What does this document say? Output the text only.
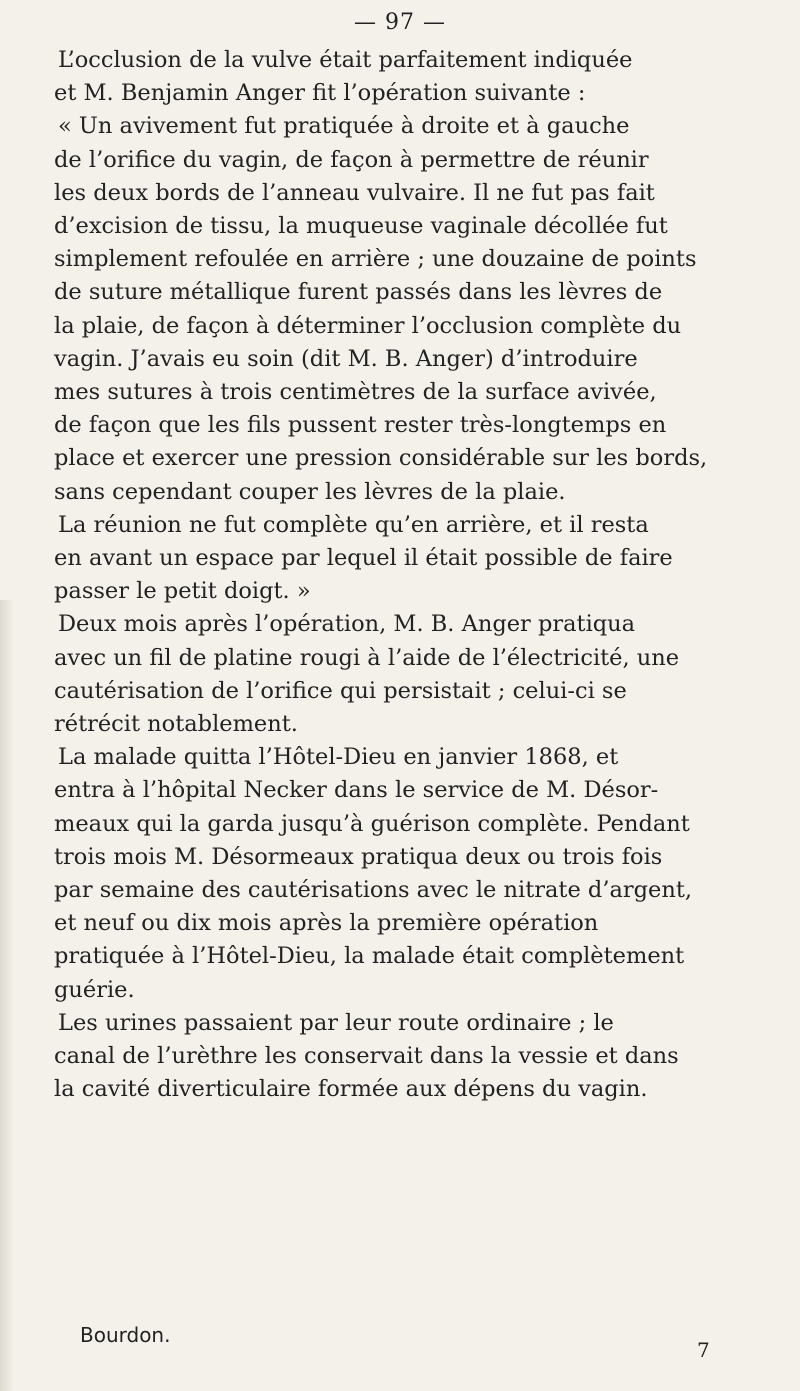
— 97 —
L’occlusion de la vulve était parfaitement indiquée
et M. Benjamin Anger fit l’opération suivante :
« Un avivement fut pratiquée à droite et à gauche
de l’orifice du vagin, de façon à permettre de réunir
les deux bords de l’anneau vulvaire. Il ne fut pas fait
d’excision de tissu, la muqueuse vaginale décollée fut
simplement refoulée en arrière ; une douzaine de points
de suture métallique furent passés dans les lèvres de
la plaie, de façon à déterminer l’occlusion complète du
vagin. J’avais eu soin (dit M. B. Anger) d’introduire
mes sutures à trois centimètres de la surface avivée,
de façon que les fils pussent rester très-longtemps en
place et exercer une pression considérable sur les bords,
sans cependant couper les lèvres de la plaie.
La réunion ne fut complète qu’en arrière, et il resta
en avant un espace par lequel il était possible de faire
passer le petit doigt. »
Deux mois après l’opération, M. B. Anger pratiqua
avec un fil de platine rougi à l’aide de l’électricité, une
cautérisation de l’orifice qui persistait ; celui-ci se
rétrécit notablement.
La malade quitta l’Hôtel-Dieu en janvier 1868, et
entra à l’hôpital Necker dans le service de M. Désor-
meaux qui la garda jusqu’à guérison complète. Pendant
trois mois M. Désormeaux pratiqua deux ou trois fois
par semaine des cautérisations avec le nitrate d’argent,
et neuf ou dix mois après la première opération
pratiquée à l’Hôtel-Dieu, la malade était complètement
guérie.
Les urines passaient par leur route ordinaire ; le
canal de l’urèthre les conservait dans la vessie et dans
la cavité diverticulaire formée aux dépens du vagin.
Bourdon.
7
